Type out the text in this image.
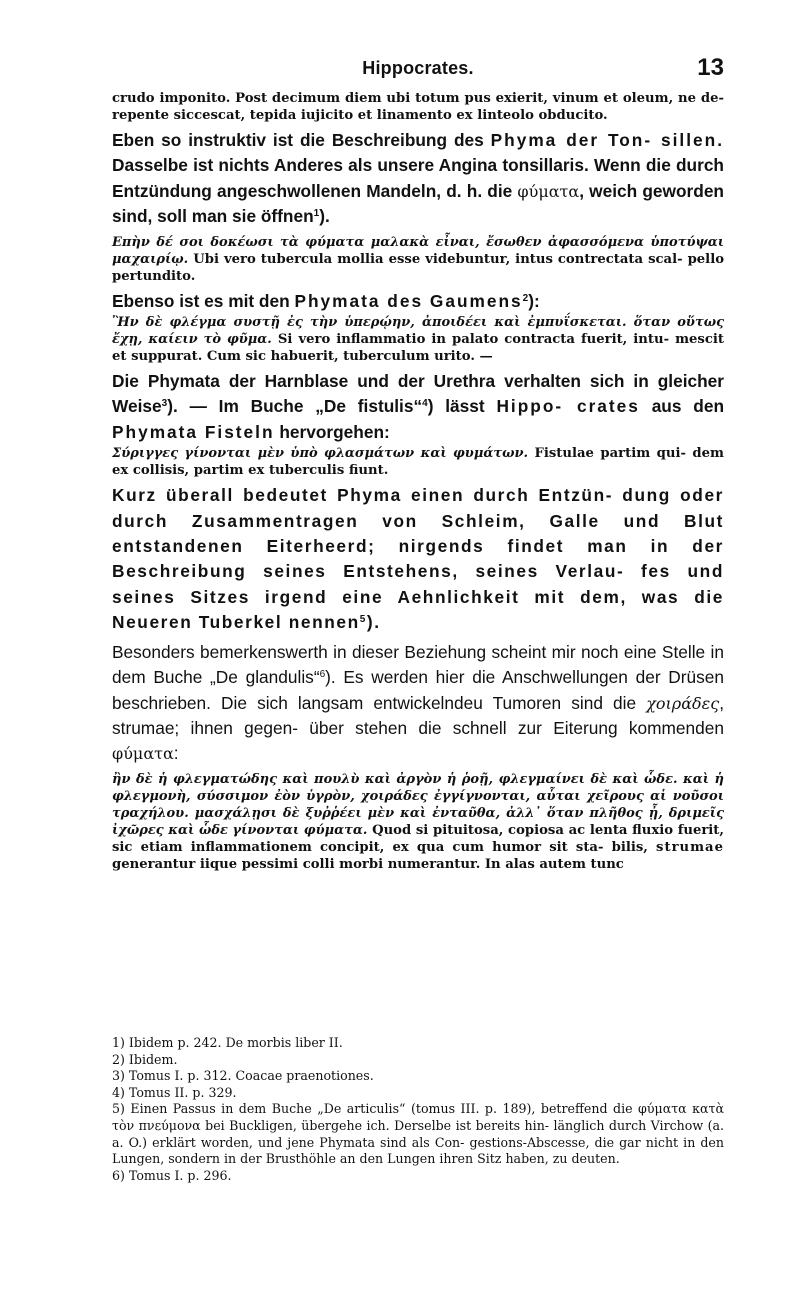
Hippocrates.	13

crudo imponito. Post decimum diem ubi totum pus exierit, vinum et oleum, ne de- repente siccescat, tepida iujicito et linamento ex linteolo obducito.

Eben so instruktiv ist die Beschreibung des Phyma der Ton- sillen. Dasselbe ist nichts Anderes als unsere Angina tonsillaris. Wenn die durch Entzündung angeschwollenen Mandeln, d. h. die φύματα, weich geworden sind, soll man sie öffnen$^1$).

Επὴν δέ σοι δοκέωσι τὰ φύματα μαλακὰ εἶναι, ἔσωθεν ἀφασσόμενα ὑποτύψαι μαχαιρίῳ. Ubi vero tubercula mollia esse videbuntur, intus contrectata scal- pello pertundito.

Ebenso ist es mit den Phymata des Gaumens$^2$):

Ἢν δὲ φλέγμα συστῇ ἐς τὴν ὑπερῴην, ἀποιδέει καὶ ἐμπυΐσκεται. ὅταν οὕτως ἔχῃ, καίειν τὸ φῦμα. Si vero inflammatio in palato contracta fuerit, intu- mescit et suppurat. Cum sic habuerit, tuberculum urito. —

Die Phymata der Harnblase und der Urethra verhalten sich in gleicher Weise$^3$). — Im Buche „De fistulis“$^4$) lässt Hippo- crates aus den Phymata Fisteln hervorgehen:

Σύριγγες γίνονται μὲν ὑπὸ φλασμάτων καὶ φυμάτων. Fistulae partim qui- dem ex collisis, partim ex tuberculis fiunt.

Kurz überall bedeutet Phyma einen durch Entzün- dung oder durch Zusammentragen von Schleim, Galle und Blut entstandenen Eiterheerd; nirgends findet man in der Beschreibung seines Entstehens, seines Verlau- fes und seines Sitzes irgend eine Aehnlichkeit mit dem, was die Neueren Tuberkel nennen$^5$).

Besonders bemerkenswerth in dieser Beziehung scheint mir noch eine Stelle in dem Buche „De glandulis“$^6$). Es werden hier die Anschwellungen der Drüsen beschrieben. Die sich langsam entwickelndeu Tumoren sind die χοιράδες, strumae; ihnen gegen- über stehen die schnell zur Eiterung kommenden φύματα:

ἢν δὲ ἡ φλεγματώδης καὶ πουλὺ καὶ ἀργὸν ἡ ῥοῇ, φλεγμαίνει δὲ καὶ ὧδε. καὶ ἡ φλεγμονὴ, σύσσιμον ἐὸν ὑγρὸν, χοιράδες ἐγγίγνονται, αὗται χεῖρους αἱ νοῦσοι τραχήλου. μασχάλῃσι δὲ ξυῤῥέει μὲν καὶ ἐνταῦθα, ἀλλ᾽ ὅταν πλῆθος ᾖ, δριμεῖς ἰχῶρες καὶ ὧδε γίνονται φύματα. Quod si pituitosa, copiosa ac lenta fluxio fuerit, sic etiam inflammationem concipit, ex qua cum humor sit sta- bilis, strumae generantur iique pessimi colli morbi numerantur. In alas autem tunc

1) Ibidem p. 242. De morbis liber II.
2) Ibidem.
3) Tomus I. p. 312. Coacae praenotiones.
4) Tomus II. p. 329.
5) Einen Passus in dem Buche „De articulis“ (tomus III. p. 189), betreffend die φύματα κατὰ τὸν πνεύμονα bei Buckligen, übergehe ich. Derselbe ist bereits hin- länglich durch Virchow (a. a. O.) erklärt worden, und jene Phymata sind als Con- gestions-Abscesse, die gar nicht in den Lungen, sondern in der Brusthöhle an den Lungen ihren Sitz haben, zu deuten.
6) Tomus I. p. 296.
